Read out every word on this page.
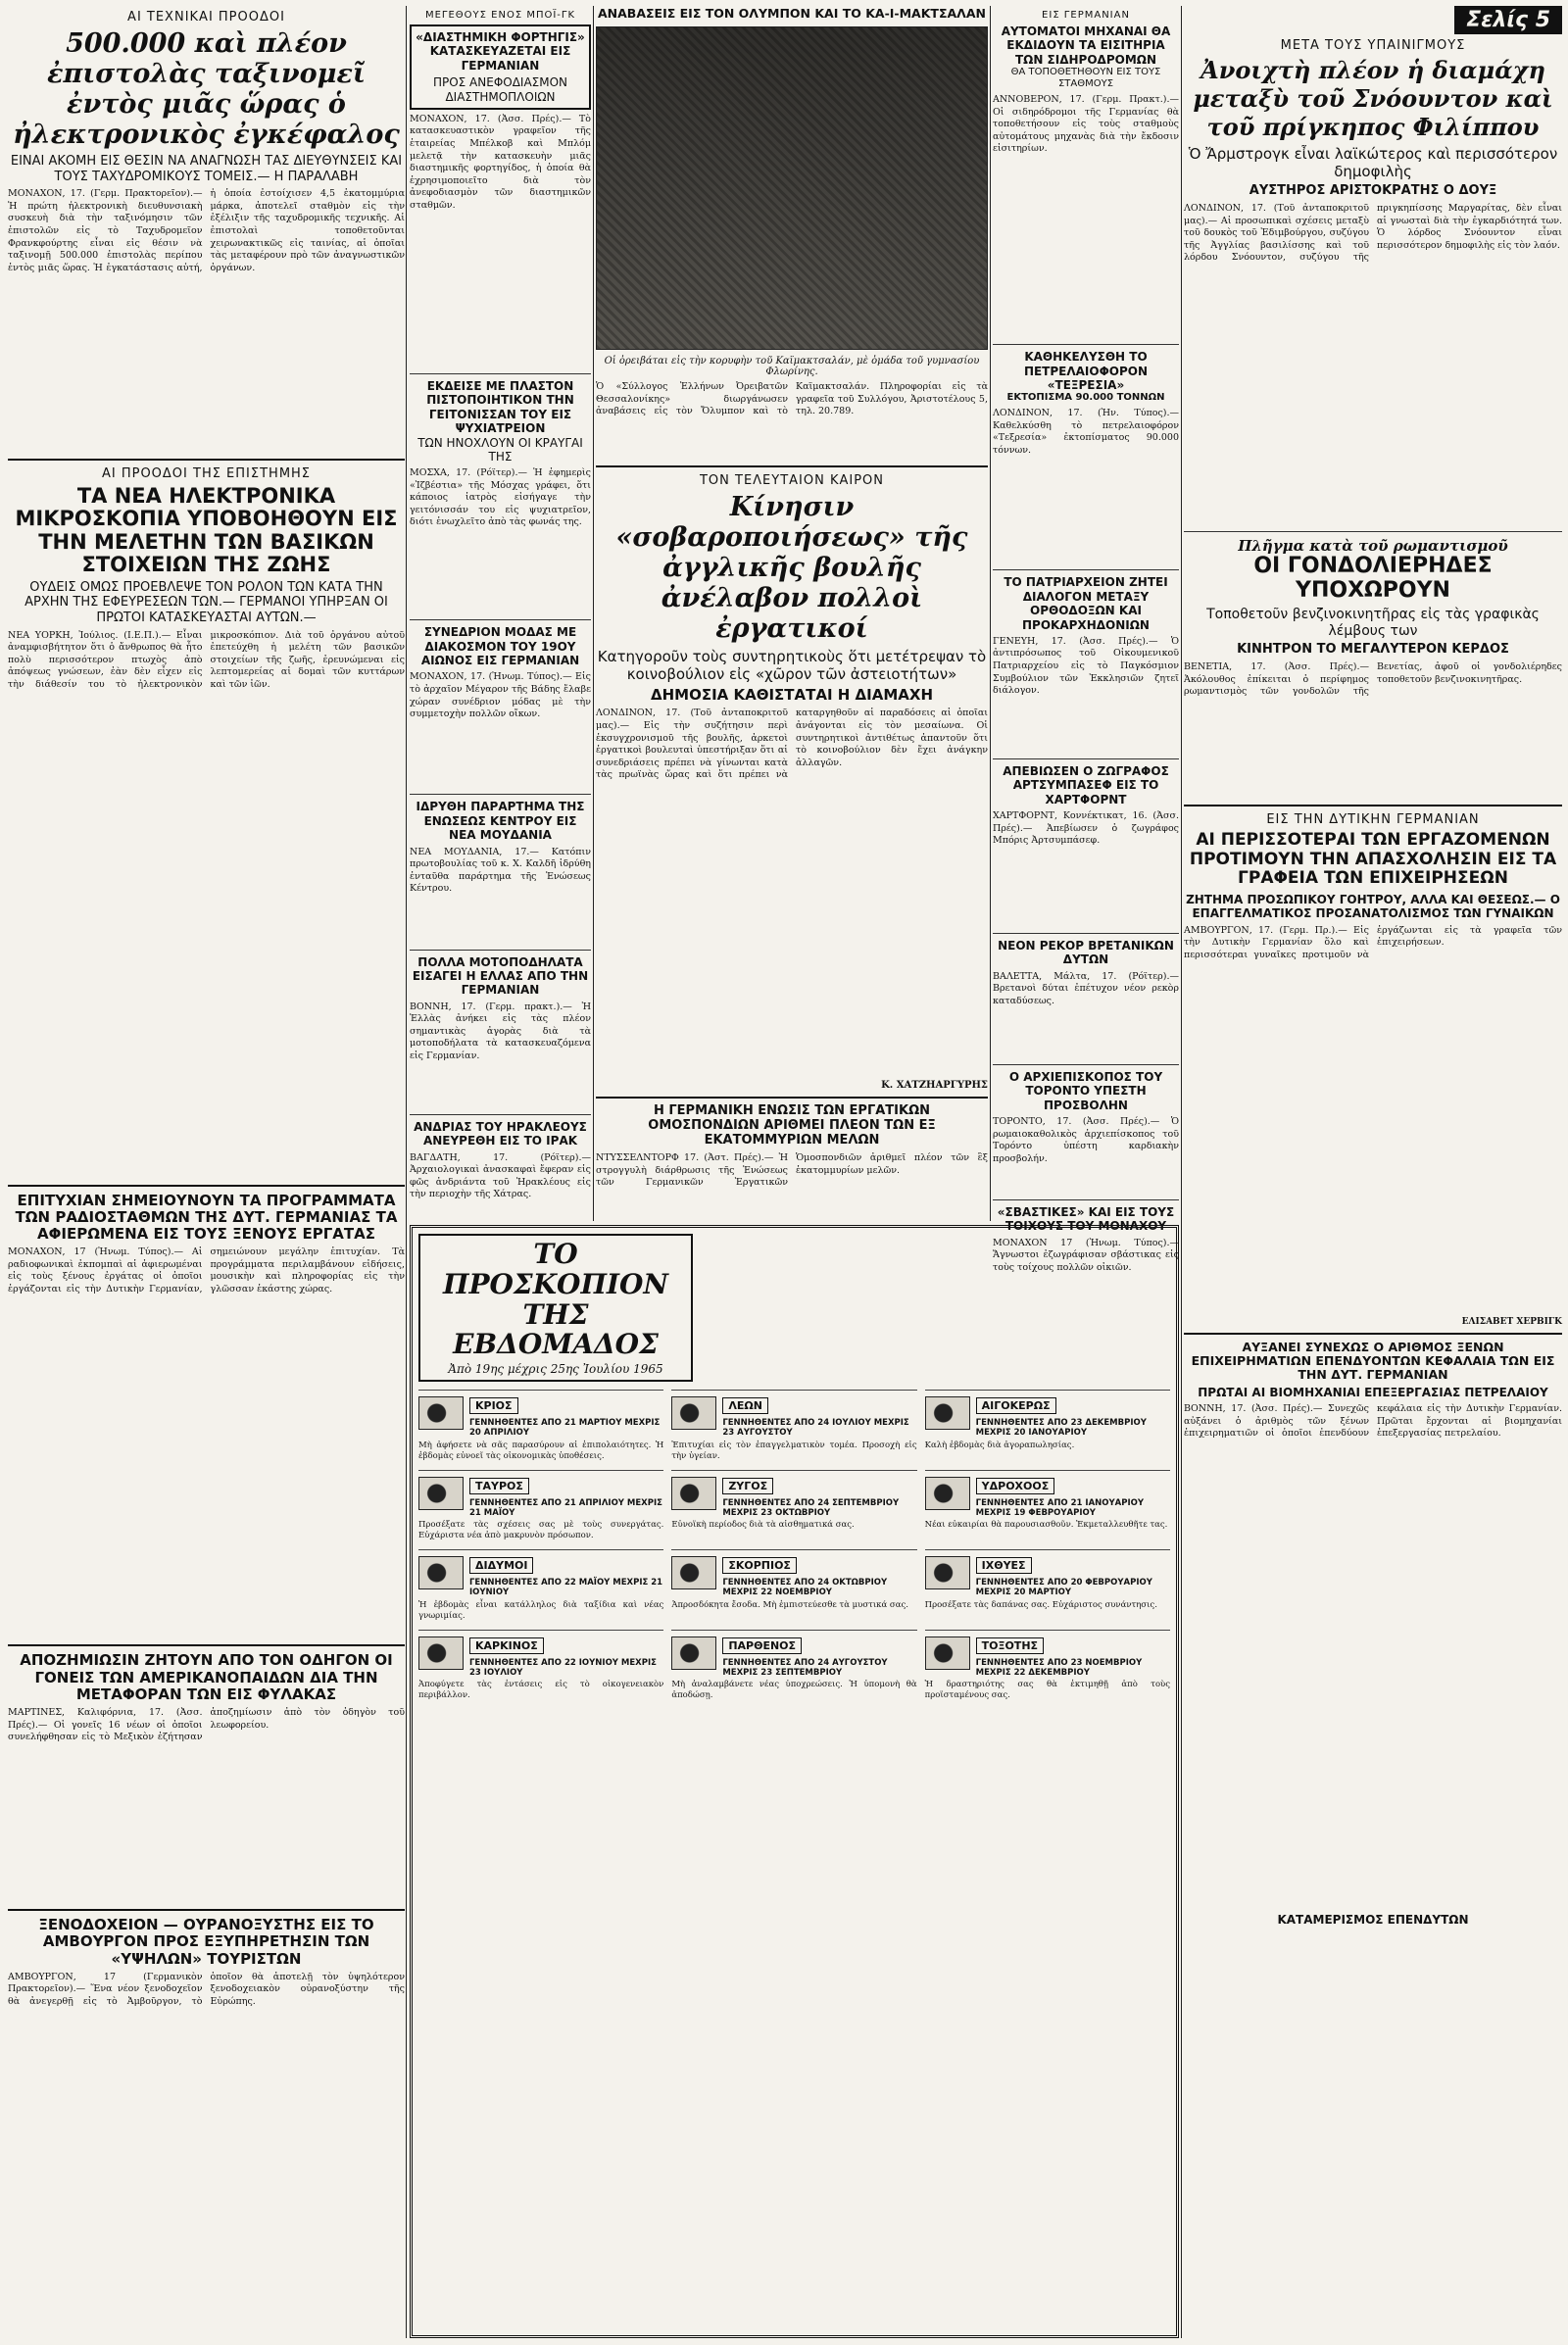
ΑΙ ΤΕΧΝΙΚΑΙ ΠΡΟΟΔΟΙ
500.000 καὶ πλέον ἐπιστολὰς ταξινομεῖ ἐντὸς μιᾶς ὥρας ὁ ἠλεκτρονικὸς ἐγκέφαλος
ΕΙΝΑΙ ΑΚΟΜΗ ΕΙΣ ΘΕΣΙΝ ΝΑ ΑΝΑΓΝΩΣΗ ΤΑΣ ΔΙΕΥΘΥΝΣΕΙΣ ΚΑΙ ΤΟΥΣ ΤΑΧΥΔΡΟΜΙΚΟΥΣ ΤΟΜΕΙΣ.— Η ΠΑΡΑΛΑΒΗ
ΜΟΝΑΧΟΝ, 17. (Γερμ. Πρακτορεῖον).— Ἡ πρώτη ἠλεκτρονικὴ διευθυνσιακὴ συσκευὴ διὰ τὴν ταξινόμησιν τῶν ἐπιστολῶν εἰς τὸ Ταχυδρομεῖον Φρανκφούρτης εἶναι εἰς θέσιν νὰ ταξινομῇ 500.000 ἐπιστολὰς περίπου ἐντὸς μιᾶς ὥρας. Ἡ ἐγκατάστασις αὐτή, ἡ ὁποία ἐστοίχισεν 4,5 ἑκατομμύρια μάρκα, ἀποτελεῖ σταθμὸν εἰς τὴν ἐξέλιξιν τῆς ταχυδρομικῆς τεχνικῆς. Αἱ ἐπιστολαὶ τοποθετοῦνται χειρωνακτικῶς εἰς ταινίας, αἱ ὁποῖαι τὰς μεταφέρουν πρὸ τῶν ἀναγνωστικῶν ὀργάνων.
ΑΙ ΠΡΟΟΔΟΙ ΤΗΣ ΕΠΙΣΤΗΜΗΣ
ΤΑ ΝΕΑ ΗΛΕΚΤΡΟΝΙΚΑ ΜΙΚΡΟΣΚΟΠΙΑ ΥΠΟΒΟΗΘΟΥΝ ΕΙΣ ΤΗΝ ΜΕΛΕΤΗΝ ΤΩΝ ΒΑΣΙΚΩΝ ΣΤΟΙΧΕΙΩΝ ΤΗΣ ΖΩΗΣ
ΟΥΔΕΙΣ ΟΜΩΣ ΠΡΟΕΒΛΕΨΕ ΤΟΝ ΡΟΛΟΝ ΤΩΝ ΚΑΤΑ ΤΗΝ ΑΡΧΗΝ ΤΗΣ ΕΦΕΥΡΕΣΕΩΝ ΤΩΝ.— ΓΕΡΜΑΝΟΙ ΥΠΗΡΞΑΝ ΟΙ ΠΡΩΤΟΙ ΚΑΤΑΣΚΕΥΑΣΤΑΙ ΑΥΤΩΝ.—
ΝΕΑ ΥΟΡΚΗ, Ἰούλιος. (Ι.Ε.Π.).— Εἶναι ἀναμφισβήτητον ὅτι ὁ ἄνθρωπος θὰ ἦτο πολὺ περισσότερον πτωχὸς ἀπὸ ἀπόψεως γνώσεων, ἐὰν δὲν εἶχεν εἰς τὴν διάθεσίν του τὸ ἠλεκτρονικὸν μικροσκόπιον. Διὰ τοῦ ὀργάνου αὐτοῦ ἐπετεύχθη ἡ μελέτη τῶν βασικῶν στοιχείων τῆς ζωῆς, ἐρευνώμεναι εἰς λεπτομερείας αἱ δομαὶ τῶν κυττάρων καὶ τῶν ἰῶν.
ΕΠΙΤΥΧΙΑΝ ΣΗΜΕΙΟΥΝΟΥΝ ΤΑ ΠΡΟΓΡΑΜΜΑΤΑ ΤΩΝ ΡΑΔΙΟΣΤΑΘΜΩΝ ΤΗΣ ΔΥΤ. ΓΕΡΜΑΝΙΑΣ ΤΑ ΑΦΙΕΡΩΜΕΝΑ ΕΙΣ ΤΟΥΣ ΞΕΝΟΥΣ ΕΡΓΑΤΑΣ
ΜΟΝΑΧΟΝ, 17 (Ἠνωμ. Τύπος).— Αἱ ραδιοφωνικαὶ ἐκπομπαὶ αἱ ἀφιερωμέναι εἰς τοὺς ξένους ἐργάτας οἱ ὁποῖοι ἐργάζονται εἰς τὴν Δυτικὴν Γερμανίαν, σημειώνουν μεγάλην ἐπιτυχίαν. Τὰ προγράμματα περιλαμβάνουν εἰδήσεις, μουσικὴν καὶ πληροφορίας εἰς τὴν γλῶσσαν ἑκάστης χώρας.
ΑΠΟΖΗΜΙΩΣΙΝ ΖΗΤΟΥΝ ΑΠΟ ΤΟΝ ΟΔΗΓΟΝ ΟΙ ΓΟΝΕΙΣ ΤΩΝ ΑΜΕΡΙΚΑΝΟΠΑΙΔΩΝ ΔΙΑ ΤΗΝ ΜΕΤΑΦΟΡΑΝ ΤΩΝ ΕΙΣ ΦΥΛΑΚΑΣ
ΜΑΡΤΙΝΕΣ, Καλιφόρνια, 17. (Ἀσσ. Πρές).— Οἱ γονεῖς 16 νέων οἱ ὁποῖοι συνελήφθησαν εἰς τὸ Μεξικὸν ἐζήτησαν ἀποζημίωσιν ἀπὸ τὸν ὁδηγὸν τοῦ λεωφορείου.
ΞΕΝΟΔΟΧΕΙΟΝ — ΟΥΡΑΝΟΞΥΣΤΗΣ ΕΙΣ ΤΟ ΑΜΒΟΥΡΓΟΝ ΠΡΟΣ ΕΞΥΠΗΡΕΤΗΣΙΝ ΤΩΝ «ΥΨΗΛΩΝ» ΤΟΥΡΙΣΤΩΝ
ΑΜΒΟΥΡΓΟΝ, 17 (Γερμανικὸν Πρακτορεῖον).— Ἕνα νέον ξενοδοχεῖον θὰ ἀνεγερθῇ εἰς τὸ Ἀμβοῦργον, τὸ ὁποῖον θὰ ἀποτελῇ τὸν ὑψηλότερον ξενοδοχειακὸν οὐρανοξύστην τῆς Εὐρώπης.
ΜΕΓΕΘΟΥΣ ΕΝΟΣ ΜΠΟΪ-ΓΚ
«ΔΙΑΣΤΗΜΙΚΗ ΦΟΡΤΗΓΙΣ» ΚΑΤΑΣΚΕΥΑΖΕΤΑΙ ΕΙΣ ΓΕΡΜΑΝΙΑΝ
ΠΡΟΣ ΑΝΕΦΟΔΙΑΣΜΟΝ ΔΙΑΣΤΗΜΟΠΛΟΙΩΝ
ΜΟΝΑΧΟΝ, 17. (Ἀσσ. Πρές).— Τὸ κατασκευαστικὸν γραφεῖον τῆς ἑταιρείας Μπέλκοβ καὶ Μπλόμ μελετᾷ τὴν κατασκευὴν μιᾶς διαστημικῆς φορτηγίδος, ἡ ὁποία θὰ ἐχρησιμοποιεῖτο διὰ τὸν ἀνεφοδιασμὸν τῶν διαστημικῶν σταθμῶν.
ΕΚΔΕΙΣΕ ΜΕ ΠΛΑΣΤΟΝ ΠΙΣΤΟΠΟΙΗΤΙΚΟΝ ΤΗΝ ΓΕΙΤΟΝΙΣΣΑΝ ΤΟΥ ΕΙΣ ΨΥΧΙΑΤΡΕΙΟΝ
ΤΩΝ ΗΝΟΧΛΟΥΝ ΟΙ ΚΡΑΥΓΑΙ ΤΗΣ
ΜΟΣΧΑ, 17. (Ρόϊτερ).— Ἡ ἐφημερὶς «Ἰζβέστια» τῆς Μόσχας γράφει, ὅτι κάποιος ἰατρὸς εἰσήγαγε τὴν γειτόνισσάν του εἰς ψυχιατρεῖον, διότι ἐνωχλεῖτο ἀπὸ τὰς φωνάς της.
ΣΥΝΕΔΡΙΟΝ ΜΟΔΑΣ ΜΕ ΔΙΑΚΟΣΜΟΝ ΤΟΥ 19ΟΥ ΑΙΩΝΟΣ ΕΙΣ ΓΕΡΜΑΝΙΑΝ
ΜΟΝΑΧΟΝ, 17. (Ἠνωμ. Τύπος).— Εἰς τὸ ἀρχαῖον Μέγαρον τῆς Βάδης ἔλαβε χώραν συνέδριον μόδας μὲ τὴν συμμετοχὴν πολλῶν οἴκων.
ΙΔΡΥΘΗ ΠΑΡΑΡΤΗΜΑ ΤΗΣ ΕΝΩΣΕΩΣ ΚΕΝΤΡΟΥ ΕΙΣ ΝΕΑ ΜΟΥΔΑΝΙΑ
ΝΕΑ ΜΟΥΔΑΝΙΑ, 17.— Κατόπιν πρωτοβουλίας τοῦ κ. Χ. Καλδῆ ἱδρύθη ἐνταῦθα παράρτημα τῆς Ἑνώσεως Κέντρου.
ΠΟΛΛΑ ΜΟΤΟΠΟΔΗΛΑΤΑ ΕΙΣΑΓΕΙ Η ΕΛΛΑΣ ΑΠΟ ΤΗΝ ΓΕΡΜΑΝΙΑΝ
ΒΟΝΝΗ, 17. (Γερμ. πρακτ.).— Ἡ Ἑλλὰς ἀνήκει εἰς τὰς πλέον σημαντικὰς ἀγορὰς διὰ τὰ μοτοποδήλατα τὰ κατασκευαζόμενα εἰς Γερμανίαν.
ΑΝΔΡΙΑΣ ΤΟΥ ΗΡΑΚΛΕΟΥΣ ΑΝΕΥΡΕΘΗ ΕΙΣ ΤΟ ΙΡΑΚ
ΒΑΓΔΑΤΗ, 17. (Ρόϊτερ).— Ἀρχαιολογικαὶ ἀνασκαφαὶ ἔφεραν εἰς φῶς ἀνδριάντα τοῦ Ἡρακλέους εἰς τὴν περιοχὴν τῆς Χάτρας.
ΑΝΑΒΑΣΕΙΣ ΕΙΣ ΤΟΝ ΟΛΥΜΠΟΝ ΚΑΙ ΤΟ ΚΑ-Ι-ΜΑΚΤΣΑΛΑΝ
Οἱ ὀρειβάται εἰς τὴν κορυφὴν τοῦ Καϊμακτσαλάν, μὲ ὁμάδα τοῦ γυμνασίου Φλωρίνης.
Ὁ «Σύλλογος Ἑλλήνων Ὀρειβατῶν Θεσσαλονίκης» διωργάνωσεν ἀναβάσεις εἰς τὸν Ὄλυμπον καὶ τὸ Καϊμακτσαλάν. Πληροφορίαι εἰς τὰ γραφεῖα τοῦ Συλλόγου, Ἀριστοτέλους 5, τηλ. 20.789.
ΤΟΝ ΤΕΛΕΥΤΑΙΟΝ ΚΑΙΡΟΝ
Κίνησιν «σοβαροποιήσεως» τῆς ἀγγλικῆς βουλῆς ἀνέλαβον πολλοὶ ἐργατικοί
Κατηγοροῦν τοὺς συντηρητικοὺς ὅτι μετέτρεψαν τὸ κοινοβούλιον εἰς «χῶρον τῶν ἀστειοτήτων»
ΔΗΜΟΣΙΑ ΚΑΘΙΣΤΑΤΑΙ Η ΔΙΑΜΑΧΗ
ΛΟΝΔΙΝΟΝ, 17. (Τοῦ ἀνταποκριτοῦ μας).— Εἰς τὴν συζήτησιν περὶ ἐκσυγχρονισμοῦ τῆς βουλῆς, ἀρκετοὶ ἐργατικοὶ βουλευταὶ ὑπεστήριξαν ὅτι αἱ συνεδριάσεις πρέπει νὰ γίνωνται κατὰ τὰς πρωϊνὰς ὥρας καὶ ὅτι πρέπει νὰ καταργηθοῦν αἱ παραδόσεις αἱ ὁποῖαι ἀνάγονται εἰς τὸν μεσαίωνα. Οἱ συντηρητικοὶ ἀντιθέτως ἀπαντοῦν ὅτι τὸ κοινοβούλιον δὲν ἔχει ἀνάγκην ἀλλαγῶν.
Κ. ΧΑΤΖΗΑΡΓΥΡΗΣ
Η ΓΕΡΜΑΝΙΚΗ ΕΝΩΣΙΣ ΤΩΝ ΕΡΓΑΤΙΚΩΝ ΟΜΟΣΠΟΝΔΙΩΝ ΑΡΙΘΜΕΙ ΠΛΕΟΝ ΤΩΝ ΕΞ ΕΚΑΤΟΜΜΥΡΙΩΝ ΜΕΛΩΝ
ΝΤΥΣΣΕΛΝΤΟΡΦ 17. (Ἀστ. Πρές).— Ἡ στρογγυλὴ διάρθρωσις τῆς Ἑνώσεως τῶν Γερμανικῶν Ἐργατικῶν Ὁμοσπονδιῶν ἀριθμεῖ πλέον τῶν ἓξ ἑκατομμυρίων μελῶν.
ΕΙΣ ΓΕΡΜΑΝΙΑΝ
ΑΥΤΟΜΑΤΟΙ ΜΗΧΑΝΑΙ ΘΑ ΕΚΔΙΔΟΥΝ ΤΑ ΕΙΣΙΤΗΡΙΑ ΤΩΝ ΣΙΔΗΡΟΔΡΟΜΩΝ
ΘΑ ΤΟΠΟΘΕΤΗΘΟΥΝ ΕΙΣ ΤΟΥΣ ΣΤΑΘΜΟΥΣ
ΑΝΝΟΒΕΡΟΝ, 17. (Γερμ. Πρακτ.).— Οἱ σιδηρόδρομοι τῆς Γερμανίας θὰ τοποθετήσουν εἰς τοὺς σταθμοὺς αὐτομάτους μηχανὰς διὰ τὴν ἔκδοσιν εἰσιτηρίων.
ΚΑΘΗΚΕΛΥΣΘΗ ΤΟ ΠΕΤΡΕΛΑΙΟΦΟΡΟΝ «ΤΕΞΡΕΣΙΑ»
ΕΚΤΟΠΙΣΜΑ 90.000 ΤΟΝΝΩΝ
ΛΟΝΔΙΝΟΝ, 17. (Ἠν. Τύπος).— Καθελκύσθη τὸ πετρελαιοφόρον «Τεξρεσία» ἐκτοπίσματος 90.000 τόννων.
ΤΟ ΠΑΤΡΙΑΡΧΕΙΟΝ ΖΗΤΕΙ ΔΙΑΛΟΓΟΝ ΜΕΤΑΞΥ ΟΡΘΟΔΟΞΩΝ ΚΑΙ ΠΡΟΚΑΡΧΗΔΟΝΙΩΝ
ΓΕΝΕΥΗ, 17. (Ἀσσ. Πρές).— Ὁ ἀντιπρόσωπος τοῦ Οἰκουμενικοῦ Πατριαρχείου εἰς τὸ Παγκόσμιον Συμβούλιον τῶν Ἐκκλησιῶν ζητεῖ διάλογον.
ΑΠΕΒΙΩΣΕΝ Ο ΖΩΓΡΑΦΟΣ ΑΡΤΣΥΜΠΑΣΕΦ ΕΙΣ ΤΟ ΧΑΡΤΦΟΡΝΤ
ΧΑΡΤΦΟΡΝΤ, Κοννέκτικατ, 16. (Ἀσσ. Πρές).— Ἀπεβίωσεν ὁ ζωγράφος Μπόρις Ἀρτσυμπάσεφ.
ΝΕΟΝ ΡΕΚΟΡ ΒΡΕΤΑΝΙΚΩΝ ΔΥΤΩΝ
ΒΑΛΕΤΤΑ, Μάλτα, 17. (Ρόϊτερ).— Βρετανοὶ δύται ἐπέτυχον νέον ρεκὸρ καταδύσεως.
Ο ΑΡΧΙΕΠΙΣΚΟΠΟΣ ΤΟΥ ΤΟΡΟΝΤΟ ΥΠΕΣΤΗ ΠΡΟΣΒΟΛΗΝ
ΤΟΡΟΝΤΟ, 17. (Ἀσσ. Πρές).— Ὁ ρωμαιοκαθολικὸς ἀρχιεπίσκοπος τοῦ Τορόντο ὑπέστη καρδιακὴν προσβολήν.
«ΣΒΑΣΤΙΚΕΣ» ΚΑΙ ΕΙΣ ΤΟΥΣ ΤΟΙΧΟΥΣ ΤΟΥ ΜΟΝΑΧΟΥ
ΜΟΝΑΧΟΝ 17 (Ἠνωμ. Τύπος).— Ἄγνωστοι ἐζωγράφισαν σβάστικας εἰς τοὺς τοίχους πολλῶν οἰκιῶν.
Σελίς 5
ΜΕΤΑ ΤΟΥΣ ΥΠΑΙΝΙΓΜΟΥΣ
Ἀνοιχτὴ πλέον ἡ διαμάχη μεταξὺ τοῦ Σνόουντον καὶ τοῦ πρίγκηπος Φιλίππου
Ὁ Ἄρμστρογκ εἶναι λαϊκώτερος καὶ περισσότερον δημοφιλὴς
ΑΥΣΤΗΡΟΣ ΑΡΙΣΤΟΚΡΑΤΗΣ Ο ΔΟΥΞ
ΛΟΝΔΙΝΟΝ, 17. (Τοῦ ἀνταποκριτοῦ μας).— Αἱ προσωπικαὶ σχέσεις μεταξὺ τοῦ δουκὸς τοῦ Ἐδιμβούργου, συζύγου τῆς Ἀγγλίας βασιλίσσης καὶ τοῦ λόρδου Σνόουντον, συζύγου τῆς πριγκηπίσσης Μαργαρίτας, δὲν εἶναι αἱ γνωσταὶ διὰ τὴν ἐγκαρδιότητά των. Ὁ λόρδος Σνόουντον εἶναι περισσότερον δημοφιλὴς εἰς τὸν λαόν.
Πλῆγμα κατὰ τοῦ ρωμαντισμοῦ
ΟΙ ΓΟΝΔΟΛΙΕΡΗΔΕΣ ΥΠΟΧΩΡΟΥΝ
Τοποθετοῦν βενζινοκινητῆρας εἰς τὰς γραφικὰς λέμβους των
ΚΙΝΗΤΡΟΝ ΤΟ ΜΕΓΑΛΥΤΕΡΟΝ ΚΕΡΔΟΣ
ΒΕΝΕΤΙΑ, 17. (Ἀσσ. Πρές).— Ἀκόλουθος ἐπίκειται ὁ περίφημος ρωμαντισμὸς τῶν γονδολῶν τῆς Βενετίας, ἀφοῦ οἱ γονδολιέρηδες τοποθετοῦν βενζινοκινητῆρας.
ΕΙΣ ΤΗΝ ΔΥΤΙΚΗΝ ΓΕΡΜΑΝΙΑΝ
ΑΙ ΠΕΡΙΣΣΟΤΕΡΑΙ ΤΩΝ ΕΡΓΑΖΟΜΕΝΩΝ ΠΡΟΤΙΜΟΥΝ ΤΗΝ ΑΠΑΣΧΟΛΗΣΙΝ ΕΙΣ ΤΑ ΓΡΑΦΕΙΑ ΤΩΝ ΕΠΙΧΕΙΡΗΣΕΩΝ
ΖΗΤΗΜΑ ΠΡΟΣΩΠΙΚΟΥ ΓΟΗΤΡΟΥ, ΑΛΛΑ ΚΑΙ ΘΕΣΕΩΣ.— Ο ΕΠΑΓΓΕΛΜΑΤΙΚΟΣ ΠΡΟΣΑΝΑΤΟΛΙΣΜΟΣ ΤΩΝ ΓΥΝΑΙΚΩΝ
ΑΜΒΟΥΡΓΟΝ, 17. (Γερμ. Πρ.).— Εἰς τὴν Δυτικὴν Γερμανίαν ὅλο καὶ περισσότεραι γυναῖκες προτιμοῦν νὰ ἐργάζωνται εἰς τὰ γραφεῖα τῶν ἐπιχειρήσεων.
ΕΛΙΣΑΒΕΤ ΧΕΡΒΙΓΚ
ΑΥΞΑΝΕΙ ΣΥΝΕΧΩΣ Ο ΑΡΙΘΜΟΣ ΞΕΝΩΝ ΕΠΙΧΕΙΡΗΜΑΤΙΩΝ ΕΠΕΝΔΥΟΝΤΩΝ ΚΕΦΑΛΑΙΑ ΤΩΝ ΕΙΣ ΤΗΝ ΔΥΤ. ΓΕΡΜΑΝΙΑΝ
ΠΡΩΤΑΙ ΑΙ ΒΙΟΜΗΧΑΝΙΑΙ ΕΠΕΞΕΡΓΑΣΙΑΣ ΠΕΤΡΕΛΑΙΟΥ
ΒΟΝΝΗ, 17. (Ἀσσ. Πρές).— Συνεχῶς αὐξάνει ὁ ἀριθμὸς τῶν ξένων ἐπιχειρηματιῶν οἱ ὁποῖοι ἐπενδύουν κεφάλαια εἰς τὴν Δυτικὴν Γερμανίαν. Πρῶται ἔρχονται αἱ βιομηχανίαι ἐπεξεργασίας πετρελαίου.
ΚΑΤΑΜΕΡΙΣΜΟΣ ΕΠΕΝΔΥΤΩΝ
ΤΟ ΠΡΟΣΚΟΠΙΟΝ ΤΗΣ ΕΒΔΟΜΑΔΟΣ
Ἀπὸ 19ης μέχρις 25ης Ἰουλίου 1965
ΚΡΙΟΣ
ΓΕΝΝΗΘΕΝΤΕΣ ΑΠΟ 21 ΜΑΡΤΙΟΥ ΜΕΧΡΙΣ 20 ΑΠΡΙΛΙΟΥ
Μὴ ἀφήσετε νὰ σᾶς παρασύρουν αἱ ἐπιπολαιότητες. Ἡ ἐβδομὰς εὐνοεῖ τὰς οἰκονομικὰς ὑποθέσεις.
ΛΕΩΝ
ΓΕΝΝΗΘΕΝΤΕΣ ΑΠΟ 24 ΙΟΥΛΙΟΥ ΜΕΧΡΙΣ 23 ΑΥΓΟΥΣΤΟΥ
Ἐπιτυχίαι εἰς τὸν ἐπαγγελματικὸν τομέα. Προσοχὴ εἰς τὴν ὑγείαν.
ΑΙΓΟΚΕΡΩΣ
ΓΕΝΝΗΘΕΝΤΕΣ ΑΠΟ 23 ΔΕΚΕΜΒΡΙΟΥ ΜΕΧΡΙΣ 20 ΙΑΝΟΥΑΡΙΟΥ
Καλὴ ἐβδομὰς διὰ ἀγοραπωλησίας.
ΤΑΥΡΟΣ
ΓΕΝΝΗΘΕΝΤΕΣ ΑΠΟ 21 ΑΠΡΙΛΙΟΥ ΜΕΧΡΙΣ 21 ΜΑΪΟΥ
Προσέξατε τὰς σχέσεις σας μὲ τοὺς συνεργάτας. Εὐχάριστα νέα ἀπὸ μακρυνὸν πρόσωπον.
ΖΥΓΟΣ
ΓΕΝΝΗΘΕΝΤΕΣ ΑΠΟ 24 ΣΕΠΤΕΜΒΡΙΟΥ ΜΕΧΡΙΣ 23 ΟΚΤΩΒΡΙΟΥ
Εὐνοϊκὴ περίοδος διὰ τὰ αἰσθηματικά σας.
ΥΔΡΟΧΟΟΣ
ΓΕΝΝΗΘΕΝΤΕΣ ΑΠΟ 21 ΙΑΝΟΥΑΡΙΟΥ ΜΕΧΡΙΣ 19 ΦΕΒΡΟΥΑΡΙΟΥ
Νέαι εὐκαιρίαι θὰ παρουσιασθοῦν. Ἐκμεταλλευθῆτε τας.
ΔΙΔΥΜΟΙ
ΓΕΝΝΗΘΕΝΤΕΣ ΑΠΟ 22 ΜΑΪΟΥ ΜΕΧΡΙΣ 21 ΙΟΥΝΙΟΥ
Ἡ ἐβδομὰς εἶναι κατάλληλος διὰ ταξίδια καὶ νέας γνωριμίας.
ΣΚΟΡΠΙΟΣ
ΓΕΝΝΗΘΕΝΤΕΣ ΑΠΟ 24 ΟΚΤΩΒΡΙΟΥ ΜΕΧΡΙΣ 22 ΝΟΕΜΒΡΙΟΥ
Ἀπροσδόκητα ἔσοδα. Μὴ ἐμπιστεύεσθε τὰ μυστικά σας.
ΙΧΘΥΕΣ
ΓΕΝΝΗΘΕΝΤΕΣ ΑΠΟ 20 ΦΕΒΡΟΥΑΡΙΟΥ ΜΕΧΡΙΣ 20 ΜΑΡΤΙΟΥ
Προσέξατε τὰς δαπάνας σας. Εὐχάριστος συνάντησις.
ΚΑΡΚΙΝΟΣ
ΓΕΝΝΗΘΕΝΤΕΣ ΑΠΟ 22 ΙΟΥΝΙΟΥ ΜΕΧΡΙΣ 23 ΙΟΥΛΙΟΥ
Ἀποφύγετε τὰς ἐντάσεις εἰς τὸ οἰκογενειακὸν περιβάλλον.
ΠΑΡΘΕΝΟΣ
ΓΕΝΝΗΘΕΝΤΕΣ ΑΠΟ 24 ΑΥΓΟΥΣΤΟΥ ΜΕΧΡΙΣ 23 ΣΕΠΤΕΜΒΡΙΟΥ
Μὴ ἀναλαμβάνετε νέας ὑποχρεώσεις. Ἡ ὑπομονὴ θὰ ἀποδώσῃ.
ΤΟΞΟΤΗΣ
ΓΕΝΝΗΘΕΝΤΕΣ ΑΠΟ 23 ΝΟΕΜΒΡΙΟΥ ΜΕΧΡΙΣ 22 ΔΕΚΕΜΒΡΙΟΥ
Ἡ δραστηριότης σας θὰ ἐκτιμηθῇ ἀπὸ τοὺς προϊσταμένους σας.
